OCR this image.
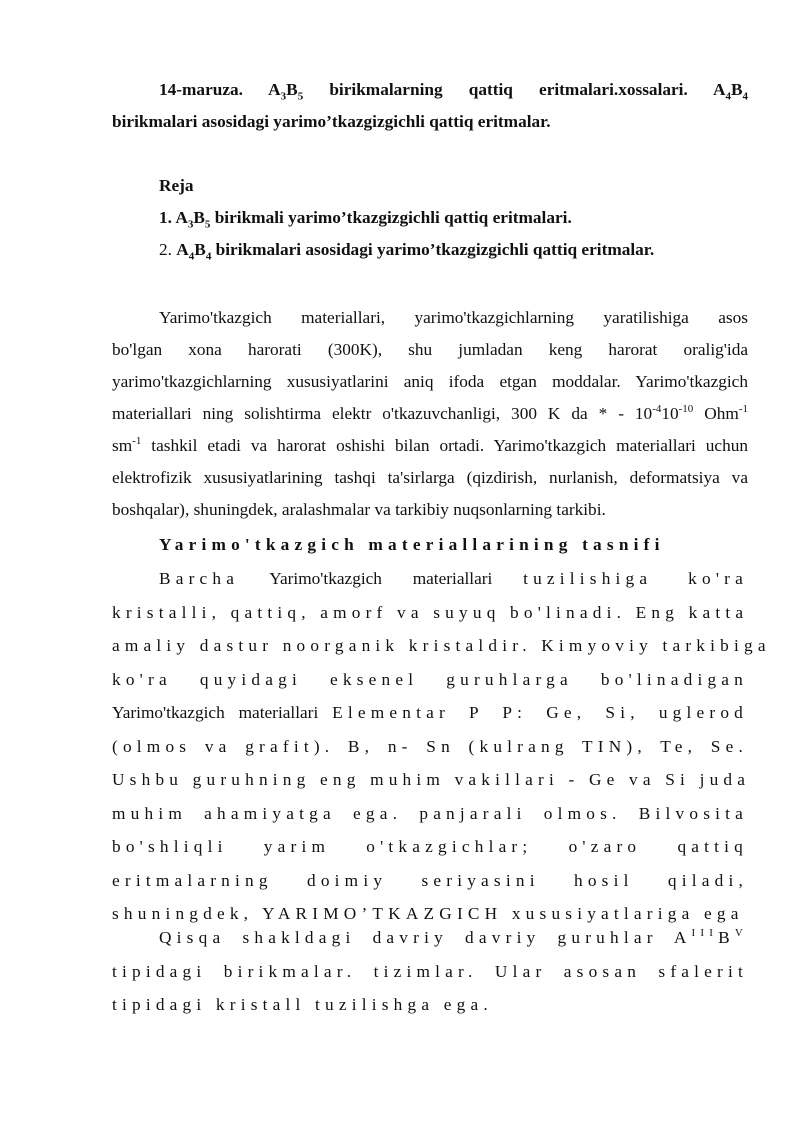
14-maruza. $A_3B_5$ birikmalarning qattiq eritmalari.xossalari. $A_4B_4$
birikmalari asosidagi yarimo’tkazgizgichli qattiq eritmalar.
Reja
1. $A_3B_5$ birikmali yarimo’tkazgizgichli qattiq eritmalari.
2. $A_4B_4$ birikmalari asosidagi yarimo’tkazgizgichli qattiq eritmalar.
Yarimo'tkazgich materiallari, yarimo'tkazgichlarning yaratilishiga asos
bo'lgan xona harorati (300K), shu jumladan keng harorat oralig'ida
yarimo'tkazgichlarning xususiyatlarini aniq ifoda etgan moddalar. Yarimo'tkazgich
materiallari ning solishtirma elektr o'tkazuvchanligi, 300 K da * - $10^{-4}10^{-10}$ Ohm$^{-1}$
$sm^{-1}$ tashkil etadi va harorat oshishi bilan ortadi. Yarimo'tkazgich materiallari uchun
elektrofizik xususiyatlarining tashqi ta'sirlarga (qizdirish, nurlanish, deformatsiya va
boshqalar), shuningdek, aralashmalar va tarkibiy nuqsonlarning tarkibi.
Yarimo'tkazgich materiallarining tasnifi
Barcha Yarimo'tkazgich materiallari tuzilishiga ko'ra
kristalli, qattiq, amorf va suyuq bo'linadi. Eng katta
amaliy dastur noorganik kristaldir. Kimyoviy tarkibiga
ko'ra quyidagi eksenel guruhlarga bo'linadigan
Yarimo'tkazgich materiallari Elementar P P: Ge, Si, uglerod
(olmos va grafit). B, n- Sn (kulrang TIN), Te, Se.
Ushbu guruhning eng muhim vakillari - Ge va Si juda
muhim ahamiyatga ega. panjarali olmos. Bilvosita
bo'shliqli yarim o'tkazgichlar; o'zaro qattiq
eritmalarning doimiy seriyasini hosil qiladi,
shuningdek, YARIMO’TKAZGICH xususiyatlariga ega
Qisqa shakldagi davriy davriy guruhlar $A^{III}B^V$
tipidagi birikmalar. tizimlar. Ular asosan sfalerit
tipidagi kristall tuzilishga ega.
